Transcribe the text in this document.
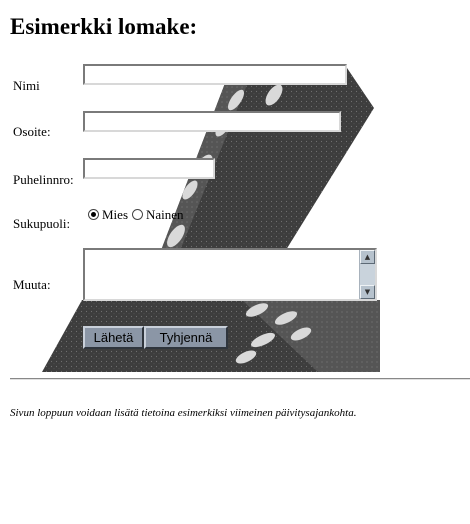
Esimerkki lomake:
Nimi
Osoite:
Puhelinnro:
Sukupuoli:
Mies Nainen
Muuta:
▲
▼
Lähetä	Tyhjennä

Sivun loppuun voidaan lisätä tietoina esimerkiksi viimeinen päivitysajankohta.
